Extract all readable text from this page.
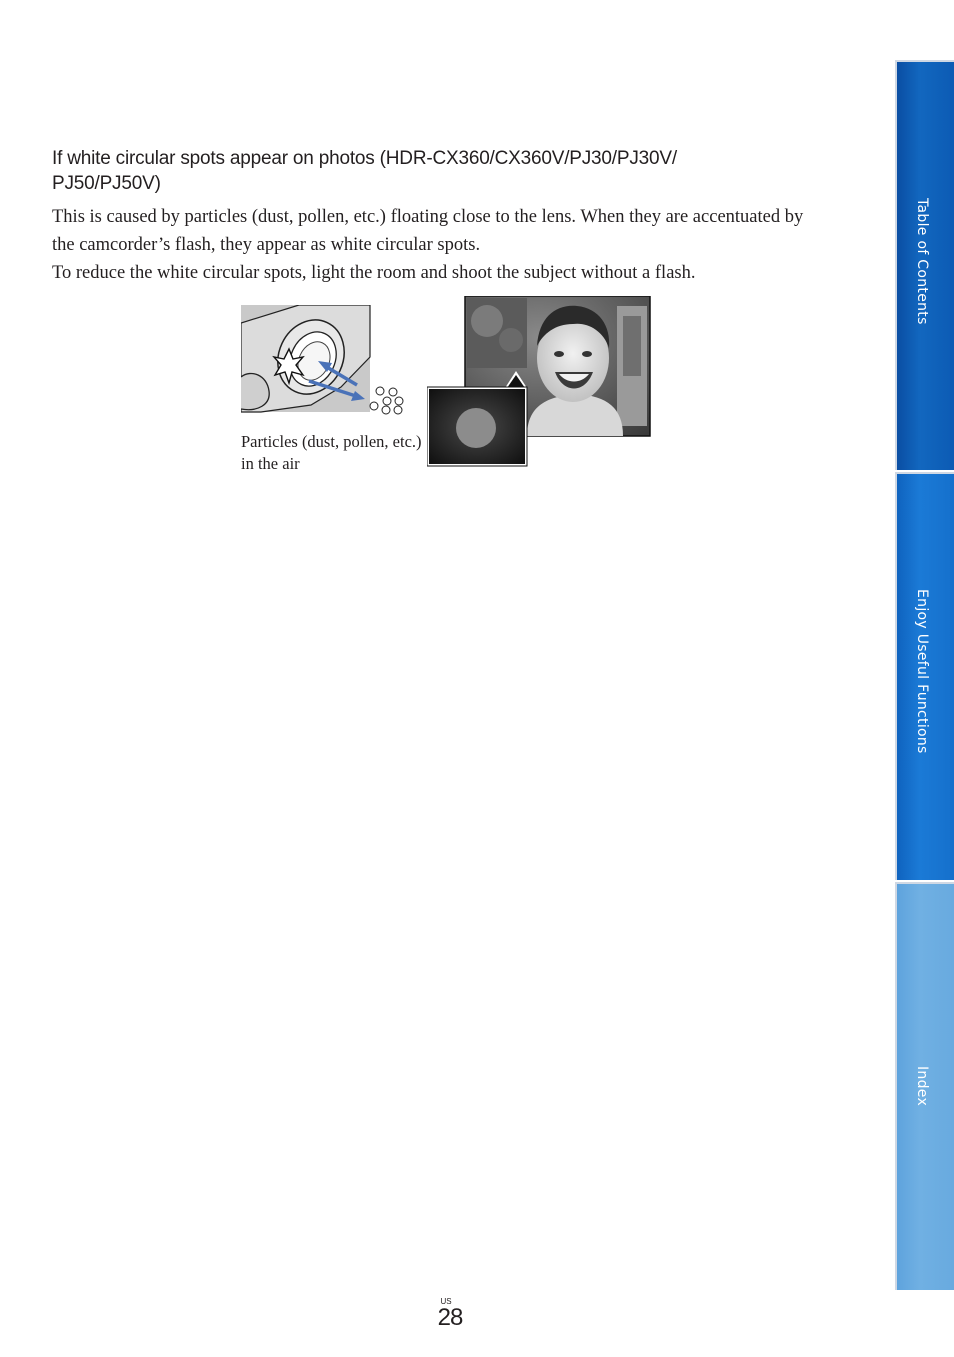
If white circular spots appear on photos (HDR-CX360/CX360V/PJ30/PJ30V/ PJ50/PJ50V)

This is caused by particles (dust, pollen, etc.) floating close to the lens. When they are accentuated by the camcorder’s flash, they appear as white circular spots.

To reduce the white circular spots, light the room and shoot the subject without a flash.

Particles (dust, pollen, etc.) in the air

Table of Contents
Enjoy Useful Functions
Index
US
28
